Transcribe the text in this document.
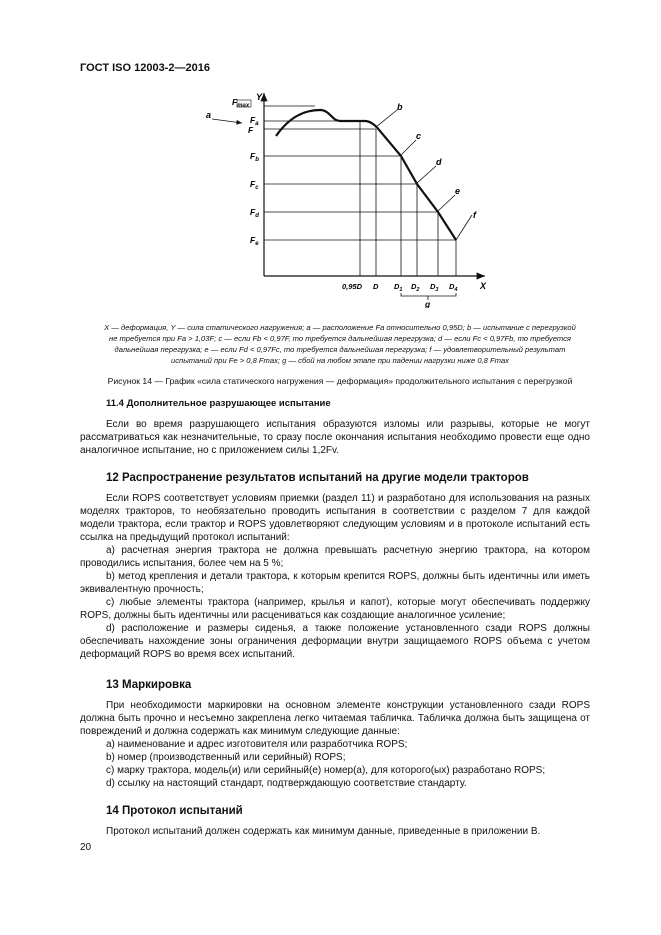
ГОСТ ISO 12003-2—2016
Y
X
$F_{max}$
$F_a$
F
$F_b$
$F_c$
$F_d$
$F_e$
a
b
c
d
e
f
0,95D D $D_1$ $D_2$ $D_3$ $D_4$
g
X — деформация, Y — сила статического нагружения; a — расположение Fa относительно 0,95D; b — испытание с перегрузкой
не требуется при Fa > 1,03F; c — если Fb < 0,97F, то требуется дальнейшая перегрузка; d — если Fc < 0,97Fb, то требуется
дальнейшая перегрузка; e — если Fd < 0,97Fc, то требуется дальнейшая перегрузка; f — удовлетворительный результат
испытаний при Fe > 0,8 Fmax; g — сбой на любом этапе при падении нагрузки ниже 0,8 Fmax
Рисунок 14 — График «сила статического нагружения — деформация» продолжительного испытания с перегрузкой
11.4 Дополнительное разрушающее испытание
Если во время разрушающего испытания образуются изломы или разрывы, которые не могут рассматриваться как незначительные, то сразу после окончания испытания необходимо провести еще одно аналогичное испытание, но с приложением силы 1,2Fv.
12 Распространение результатов испытаний на другие модели тракторов
Если ROPS соответствует условиям приемки (раздел 11) и разработано для использования на разных моделях тракторов, то необязательно проводить испытания в соответствии с разделом 7 для каждой модели трактора, если трактор и ROPS удовлетворяют следующим условиям и в протоколе испытаний есть ссылка на предыдущий протокол испытаний:
a) расчетная энергия трактора не должна превышать расчетную энергию трактора, на котором проводились испытания, более чем на 5 %;
b) метод крепления и детали трактора, к которым крепится ROPS, должны быть идентичны или иметь эквивалентную прочность;
c) любые элементы трактора (например, крылья и капот), которые могут обеспечивать поддержку ROPS, должны быть идентичны или расцениваться как создающие аналогичное усиление;
d) расположение и размеры сиденья, а также положение установленного сзади ROPS должны обеспечивать нахождение зоны ограничения деформации внутри защищаемого ROPS объема с учетом деформаций ROPS во время всех испытаний.
13 Маркировка
При необходимости маркировки на основном элементе конструкции установленного сзади ROPS должна быть прочно и несъемно закреплена легко читаемая табличка. Табличка должна быть защищена от повреждений и должна содержать как минимум следующие данные:
a) наименование и адрес изготовителя или разработчика ROPS;
b) номер (производственный или серийный) ROPS;
c) марку трактора, модель(и) или серийный(е) номер(а), для которого(ых) разработано ROPS;
d) ссылку на настоящий стандарт, подтверждающую соответствие стандарту.
14 Протокол испытаний
Протокол испытаний должен содержать как минимум данные, приведенные в приложении B.
20
